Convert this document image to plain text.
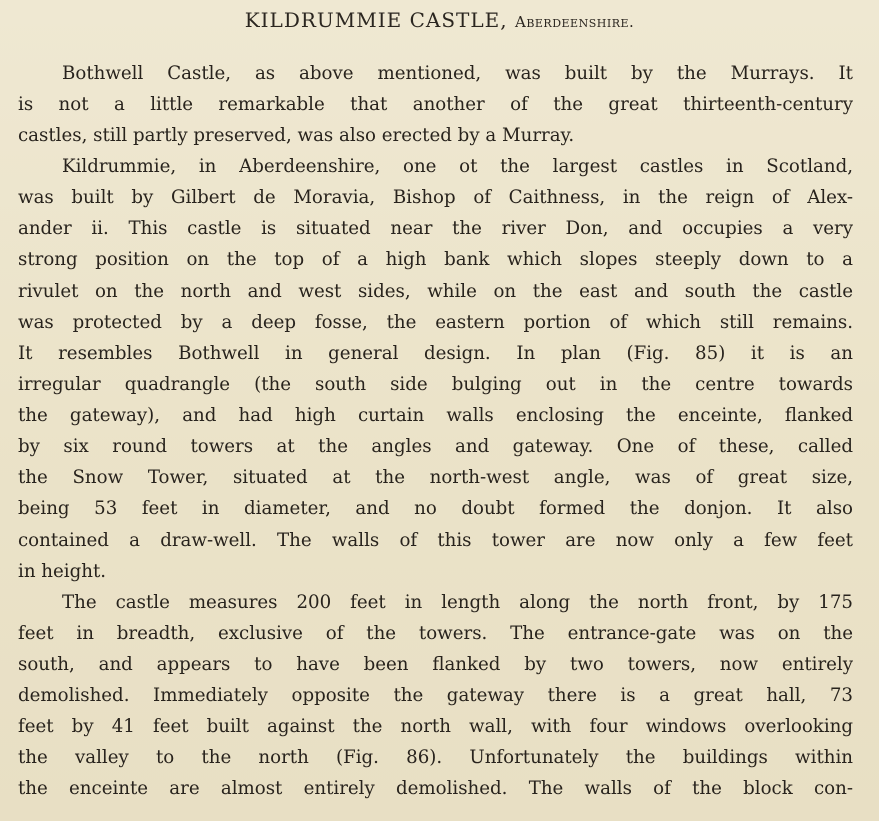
KILDRUMMIE CASTLE, Aberdeenshire.
Bothwell Castle, as above mentioned, was built by the Murrays. It
is not a little remarkable that another of the great thirteenth-century
castles, still partly preserved, was also erected by a Murray.
Kildrummie, in Aberdeenshire, one ot the largest castles in Scotland,
was built by Gilbert de Moravia, Bishop of Caithness, in the reign of Alex-
ander ii. This castle is situated near the river Don, and occupies a very
strong position on the top of a high bank which slopes steeply down to a
rivulet on the north and west sides, while on the east and south the castle
was protected by a deep fosse, the eastern portion of which still remains.
It resembles Bothwell in general design. In plan (Fig. 85) it is an
irregular quadrangle (the south side bulging out in the centre towards
the gateway), and had high curtain walls enclosing the enceinte, flanked
by six round towers at the angles and gateway. One of these, called
the Snow Tower, situated at the north-west angle, was of great size,
being 53 feet in diameter, and no doubt formed the donjon. It also
contained a draw-well. The walls of this tower are now only a few feet
in height.
The castle measures 200 feet in length along the north front, by 175
feet in breadth, exclusive of the towers. The entrance-gate was on the
south, and appears to have been flanked by two towers, now entirely
demolished. Immediately opposite the gateway there is a great hall, 73
feet by 41 feet built against the north wall, with four windows overlooking
the valley to the north (Fig. 86). Unfortunately the buildings within
the enceinte are almost entirely demolished. The walls of the block con-
